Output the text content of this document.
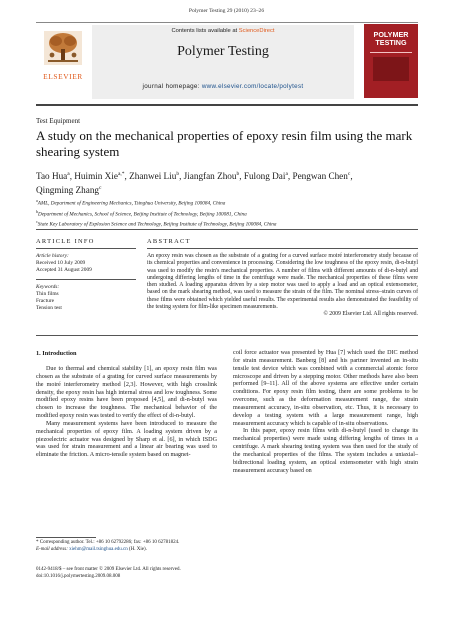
Polymer Testing 29 (2010) 23–26
ELSEVIER
Contents lists available at ScienceDirect
Polymer Testing
journal homepage: www.elsevier.com/locate/polytest
POLYMER
TESTING
Test Equipment
A study on the mechanical properties of epoxy resin film using the mark shearing system
Tao Hua$^a$, Huimin Xie$^{a,*}$, Zhanwei Liu$^b$, Jiangfan Zhou$^b$, Fulong Dai$^a$, Pengwan Chen$^c$,
Qingming Zhang$^c$
$^a$AML, Department of Engineering Mechanics, Tsinghua University, Beijing 100084, China
$^b$Department of Mechanics, School of Science, Beijing Institute of Technology, Beijing 100081, China
$^c$State Key Laboratory of Explosion Science and Technology, Beijing Institute of Technology, Beijing 100084, China
ARTICLE INFO	ABSTRACT
Article history:
Received 10 July 2009
Accepted 31 August 2009
Keywords:
Thin films
Fracture
Tension test
An epoxy resin was chosen as the substrate of a grating for a curved surface moiré interferometry study because of its chemical properties and convenience in processing. Considering the low toughness of the epoxy resin, di-n-butyl was used to modify the resin's mechanical properties. A number of films with different amounts of di-n-butyl and undergoing differing lengths of time in the centrifuge were made. The mechanical properties of these films were then studied. A loading apparatus driven by a step motor was used to apply a load and an optical extensometer, based on the mark shearing method, was used to measure the strain of the film. The nominal stress–strain curves of these films were obtained which yielded useful results. The experimental results also demonstrated the feasibility of the testing system for film-like specimen measurements.
© 2009 Elsevier Ltd. All rights reserved.
1. Introduction

Due to thermal and chemical stability [1], an epoxy resin film was chosen as the substrate of a grating for curved surface measurements by the moiré interferometry method [2,3]. However, with high crosslink density, the epoxy resin has high internal stress and low toughness. Some modified epoxy resins have been proposed [4,5], and di-n-butyl was chosen to increase the toughness. The mechanical behavior of the modified epoxy resin was tested to verify the effect of di-n-butyl.

Many measurement systems have been introduced to measure the mechanical properties of epoxy film. A loading system driven by a piezoelectric actuator was designed by Sharp et al. [6], in which ISDG was used for strain measurement and a linear air bearing was used to eliminate the friction. A micro-tensile system based on magnet-

coil force actuator was presented by Hua [7] which used the DIC method for strain measurement. Banberg [8] and his partner invented an in-situ tensile test device which was combined with a commercial atomic force microscope and driven by a stepping motor. Other methods have also been performed [9–11]. All of the above systems are effective under certain conditions. For epoxy resin film testing, there are some problems to be overcome, such as the deformation measurement range, the strain measurement accuracy, in-situ observation, etc. Thus, it is necessary to develop a testing system with a large measurement range, high measurement accuracy which is capable of in-situ observations.

In this paper, epoxy resin films with di-n-butyl (used to change its mechanical properties) were made using differing lengths of times in a centrifuge. A mark shearing testing system was then used for the study of the mechanical properties of the films. The system includes a uniaxial–bidirectional loading system, an optical extensometer with high strain measurement accuracy based on

* Corresponding author. Tel.: +86 10 62792286; fax: +86 10 62781824.
E-mail address: xiehm@mail.tsinghua.edu.cn (H. Xie).
0142-9418/$ – see front matter © 2009 Elsevier Ltd. All rights reserved.
doi:10.1016/j.polymertesting.2009.08.008
